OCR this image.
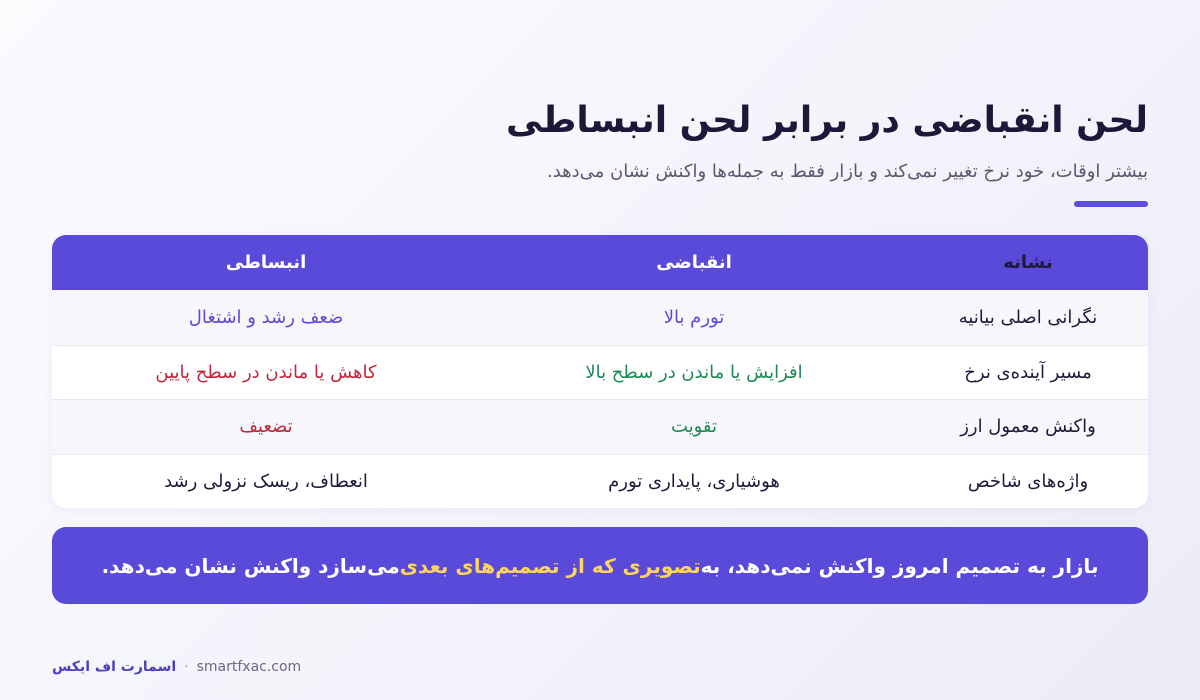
لحن انقباضی در برابر لحن انبساطی
بیشتر اوقات، خود نرخ تغییر نمی‌کند و بازار فقط به جمله‌ها واکنش نشان می‌دهد.
نشانه
انقباضی
انبساطی
نگرانی اصلی بیانیه
تورم بالا
ضعف رشد و اشتغال
مسیر آینده‌ی نرخ
افزایش یا ماندن در سطح بالا
کاهش یا ماندن در سطح پایین
واکنش معمول ارز
تقویت
تضعیف
واژه‌های شاخص
هوشیاری، پایداری تورم
انعطاف، ریسک نزولی رشد
بازار به تصمیم امروز واکنش نمی‌دهد، به
تصویری که از تصمیم‌های بعدی
می‌سازد واکنش نشان می‌دهد.
اسمارت اف ایکس · smartfxac.com
